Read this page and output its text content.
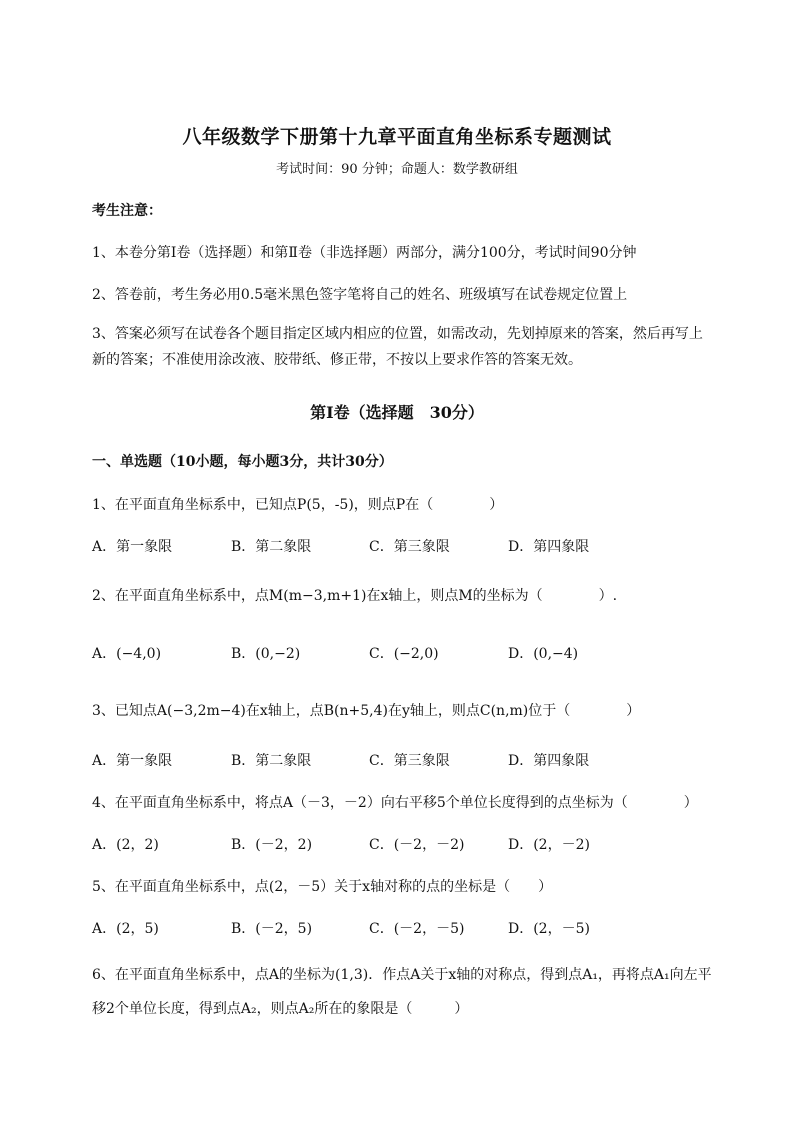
八年级数学下册第十九章平面直角坐标系专题测试
考试时间：90 分钟；命题人：数学教研组
考生注意：
1、本卷分第Ⅰ卷（选择题）和第Ⅱ卷（非选择题）两部分，满分100分，考试时间90分钟
2、答卷前，考生务必用0.5毫米黑色签字笔将自己的姓名、班级填写在试卷规定位置上
3、答案必须写在试卷各个题目指定区域内相应的位置，如需改动，先划掉原来的答案，然后再写上新的答案；不准使用涂改液、胶带纸、修正带，不按以上要求作答的答案无效。
第Ⅰ卷（选择题　30分）
一、单选题（10小题，每小题3分，共计30分）
1、在平面直角坐标系中，已知点P(5，-5)，则点P在（　　　　）
A．第一象限	B．第二象限	C．第三象限	D．第四象限
2、在平面直角坐标系中，点M(m−3,m+1)在x轴上，则点M的坐标为（　　　　）.
A．(−4,0)	B．(0,−2)	C．(−2,0)	D．(0,−4)
3、已知点A(−3,2m−4)在x轴上，点B(n+5,4)在y轴上，则点C(n,m)位于（　　　　）
A．第一象限	B．第二象限	C．第三象限	D．第四象限
4、在平面直角坐标系中，将点A（－3，－2）向右平移5个单位长度得到的点坐标为（　　　　）
A．(2，2)	B．(－2，2)	C．(－2，－2)	D．(2，－2)
5、在平面直角坐标系中，点(2，－5）关于x轴对称的点的坐标是（　　）
A．(2，5)	B．(－2，5)	C．(－2，－5)	D．(2，－5)
6、在平面直角坐标系中，点A的坐标为(1,3)．作点A关于x轴的对称点，得到点A₁，再将点A₁向左平移2个单位长度，得到点A₂，则点A₂所在的象限是（　　　）
